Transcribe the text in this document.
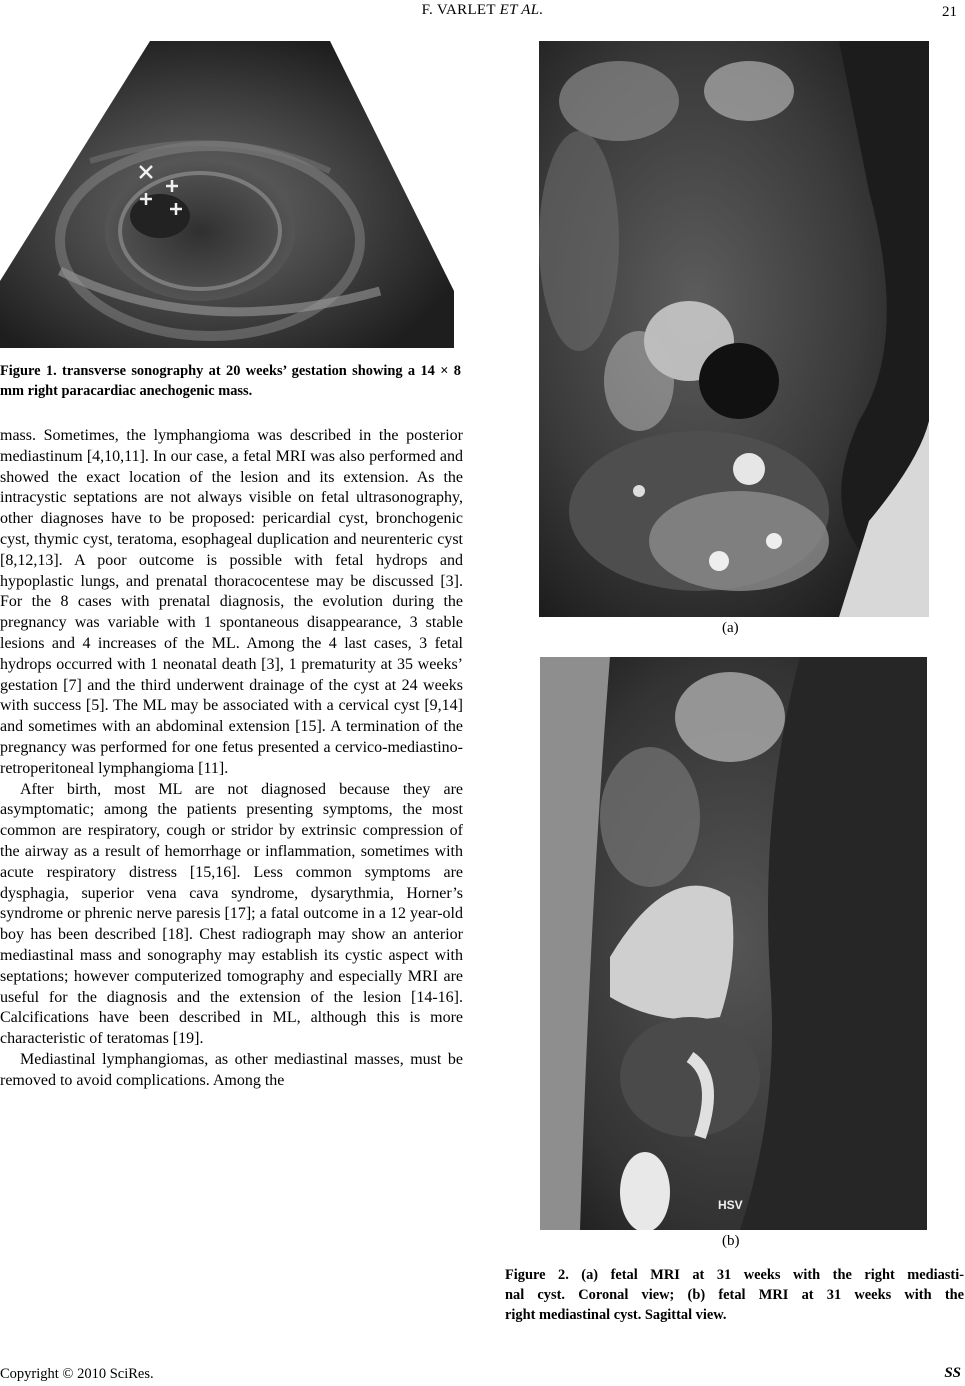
F. VARLET ET AL.	21
Figure 1. transverse sonography at 20 weeks’ gestation showing a 14 × 8 mm right paracardiac anechogenic mass.
(a)
HSV
(b)
Figure 2. (a) fetal MRI at 31 weeks with the right mediasti-
nal cyst. Coronal view; (b) fetal MRI at 31 weeks with the
right mediastinal cyst. Sagittal view.

mass. Sometimes, the lymphangioma was described in the posterior mediastinum [4,10,11]. In our case, a fetal MRI was also performed and showed the exact location of the lesion and its extension. As the intracystic septations are not always visible on fetal ultrasonography, other diagnoses have to be proposed: pericardial cyst, bronchogenic cyst, thymic cyst, teratoma, esophageal duplication and neurenteric cyst [8,12,13]. A poor outcome is possible with fetal hydrops and hypoplastic lungs, and prenatal thoracocentese may be discussed [3]. For the 8 cases with prenatal diagnosis, the evolution during the pregnancy was variable with 1 spontaneous disappearance, 3 stable lesions and 4 increases of the ML. Among the 4 last cases, 3 fetal hydrops occurred with 1 neonatal death [3], 1 prematurity at 35 weeks’ gestation [7] and the third underwent drainage of the cyst at 24 weeks with success [5]. The ML may be associated with a cervical cyst [9,14] and sometimes with an abdominal extension [15]. A termination of the pregnancy was performed for one fetus presented a cervico-mediastino-retroperitoneal lymphangioma [11].

After birth, most ML are not diagnosed because they are asymptomatic; among the patients presenting symptoms, the most common are respiratory, cough or stridor by extrinsic compression of the airway as a result of hemorrhage or inflammation, sometimes with acute respiratory distress [15,16]. Less common symptoms are dysphagia, superior vena cava syndrome, dysarythmia, Horner’s syndrome or phrenic nerve paresis [17]; a fatal outcome in a 12 year-old boy has been described [18]. Chest radiograph may show an anterior mediastinal mass and sonography may establish its cystic aspect with septations; however computerized tomography and especially MRI are useful for the diagnosis and the extension of the lesion [14-16]. Calcifications have been described in ML, although this is more characteristic of teratomas [19].

Mediastinal lymphangiomas, as other mediastinal masses, must be removed to avoid complications. Among the

Copyright © 2010 SciRes.	SS
